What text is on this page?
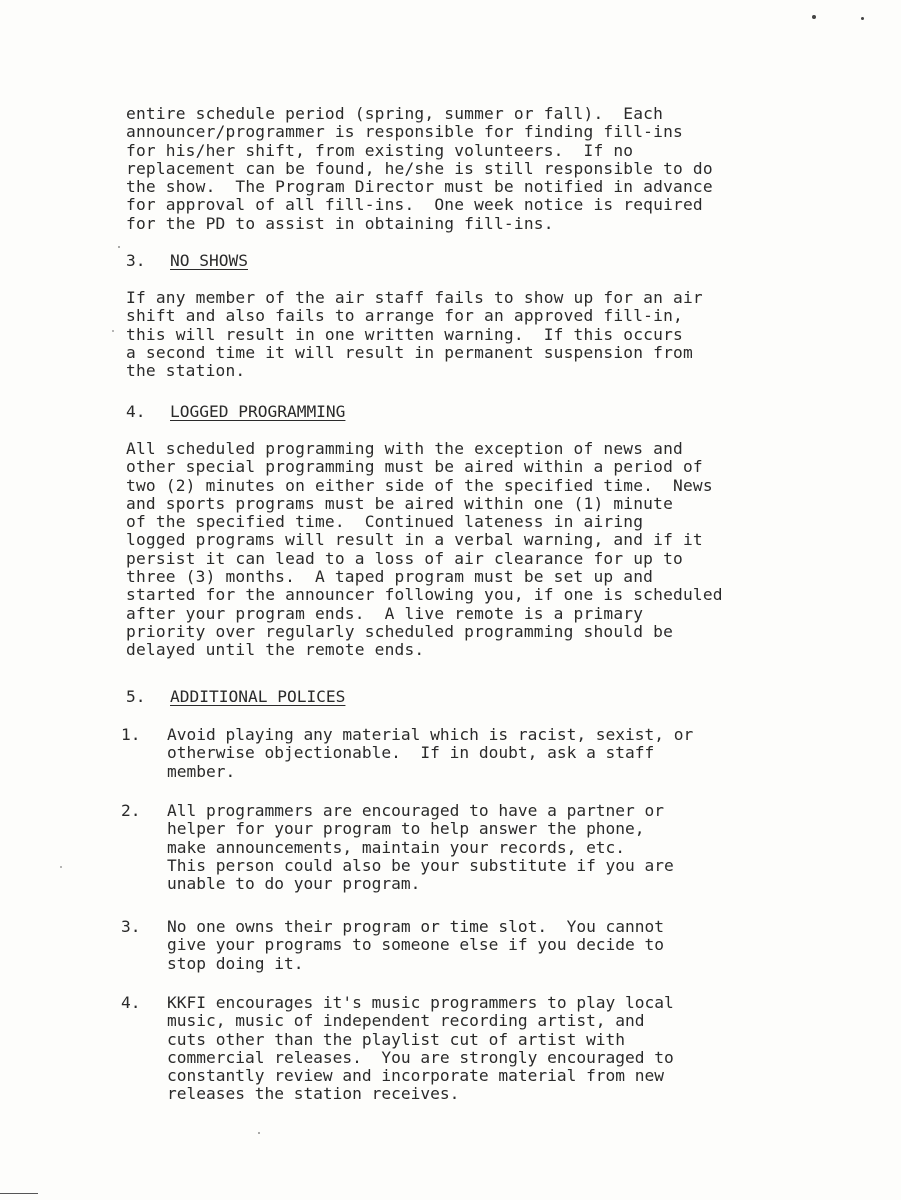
entire schedule period (spring, summer or fall).  Each
announcer/programmer is responsible for finding fill-ins
for his/her shift, from existing volunteers.  If no
replacement can be found, he/she is still responsible to do
the show.  The Program Director must be notified in advance
for approval of all fill-ins.  One week notice is required
for the PD to assist in obtaining fill-ins.
3. NO SHOWS
If any member of the air staff fails to show up for an air
shift and also fails to arrange for an approved fill-in,
this will result in one written warning.  If this occurs
a second time it will result in permanent suspension from
the station.
4. LOGGED PROGRAMMING
All scheduled programming with the exception of news and
other special programming must be aired within a period of
two (2) minutes on either side of the specified time.  News
and sports programs must be aired within one (1) minute
of the specified time.  Continued lateness in airing
logged programs will result in a verbal warning, and if it
persist it can lead to a loss of air clearance for up to
three (3) months.  A taped program must be set up and
started for the announcer following you, if one is scheduled
after your program ends.  A live remote is a primary
priority over regularly scheduled programming should be
delayed until the remote ends.
5. ADDITIONAL POLICES
1. Avoid playing any material which is racist, sexist, or
otherwise objectionable.  If in doubt, ask a staff
member.
2. All programmers are encouraged to have a partner or
helper for your program to help answer the phone,
make announcements, maintain your records, etc.
This person could also be your substitute if you are
unable to do your program.
3. No one owns their program or time slot.  You cannot
give your programs to someone else if you decide to
stop doing it.
4. KKFI encourages it's music programmers to play local
music, music of independent recording artist, and
cuts other than the playlist cut of artist with
commercial releases.  You are strongly encouraged to
constantly review and incorporate material from new
releases the station receives.
